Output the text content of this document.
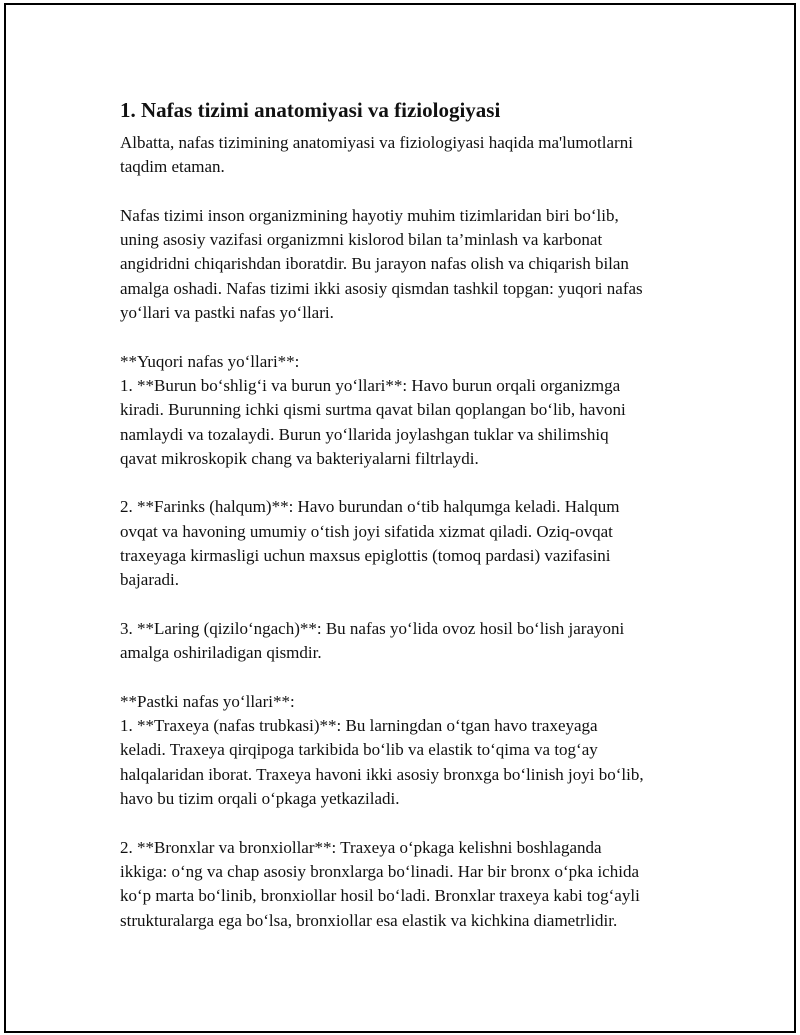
1. Nafas tizimi anatomiyasi va fiziologiyasi
Albatta, nafas tizimining anatomiyasi va fiziologiyasi haqida ma'lumotlarni
taqdim etaman.
Nafas tizimi inson organizmining hayotiy muhim tizimlaridan biri bo‘lib,
uning asosiy vazifasi organizmni kislorod bilan ta’minlash va karbonat
angidridni chiqarishdan iboratdir. Bu jarayon nafas olish va chiqarish bilan
amalga oshadi. Nafas tizimi ikki asosiy qismdan tashkil topgan: yuqori nafas
yo‘llari va pastki nafas yo‘llari.
**Yuqori nafas yo‘llari**:
1. **Burun bo‘shlig‘i va burun yo‘llari**: Havo burun orqali organizmga
kiradi. Burunning ichki qismi surtma qavat bilan qoplangan bo‘lib, havoni
namlaydi va tozalaydi. Burun yo‘llarida joylashgan tuklar va shilimshiq
qavat mikroskopik chang va bakteriyalarni filtrlaydi.
2. **Farinks (halqum)**: Havo burundan o‘tib halqumga keladi. Halqum
ovqat va havoning umumiy o‘tish joyi sifatida xizmat qiladi. Oziq-ovqat
traxeyaga kirmasligi uchun maxsus epiglottis (tomoq pardasi) vazifasini
bajaradi.
3. **Laring (qizilo‘ngach)**: Bu nafas yo‘lida ovoz hosil bo‘lish jarayoni
amalga oshiriladigan qismdir.
**Pastki nafas yo‘llari**:
1. **Traxeya (nafas trubkasi)**: Bu larningdan o‘tgan havo traxeyaga
keladi. Traxeya qirqipoga tarkibida bo‘lib va elastik to‘qima va tog‘ay
halqalaridan iborat. Traxeya havoni ikki asosiy bronxga bo‘linish joyi bo‘lib,
havo bu tizim orqali o‘pkaga yetkaziladi.
2. **Bronxlar va bronxiollar**: Traxeya o‘pkaga kelishni boshlaganda
ikkiga: o‘ng va chap asosiy bronxlarga bo‘linadi. Har bir bronx o‘pka ichida
ko‘p marta bo‘linib, bronxiollar hosil bo‘ladi. Bronxlar traxeya kabi tog‘ayli
strukturalarga ega bo‘lsa, bronxiollar esa elastik va kichkina diametrlidir.
